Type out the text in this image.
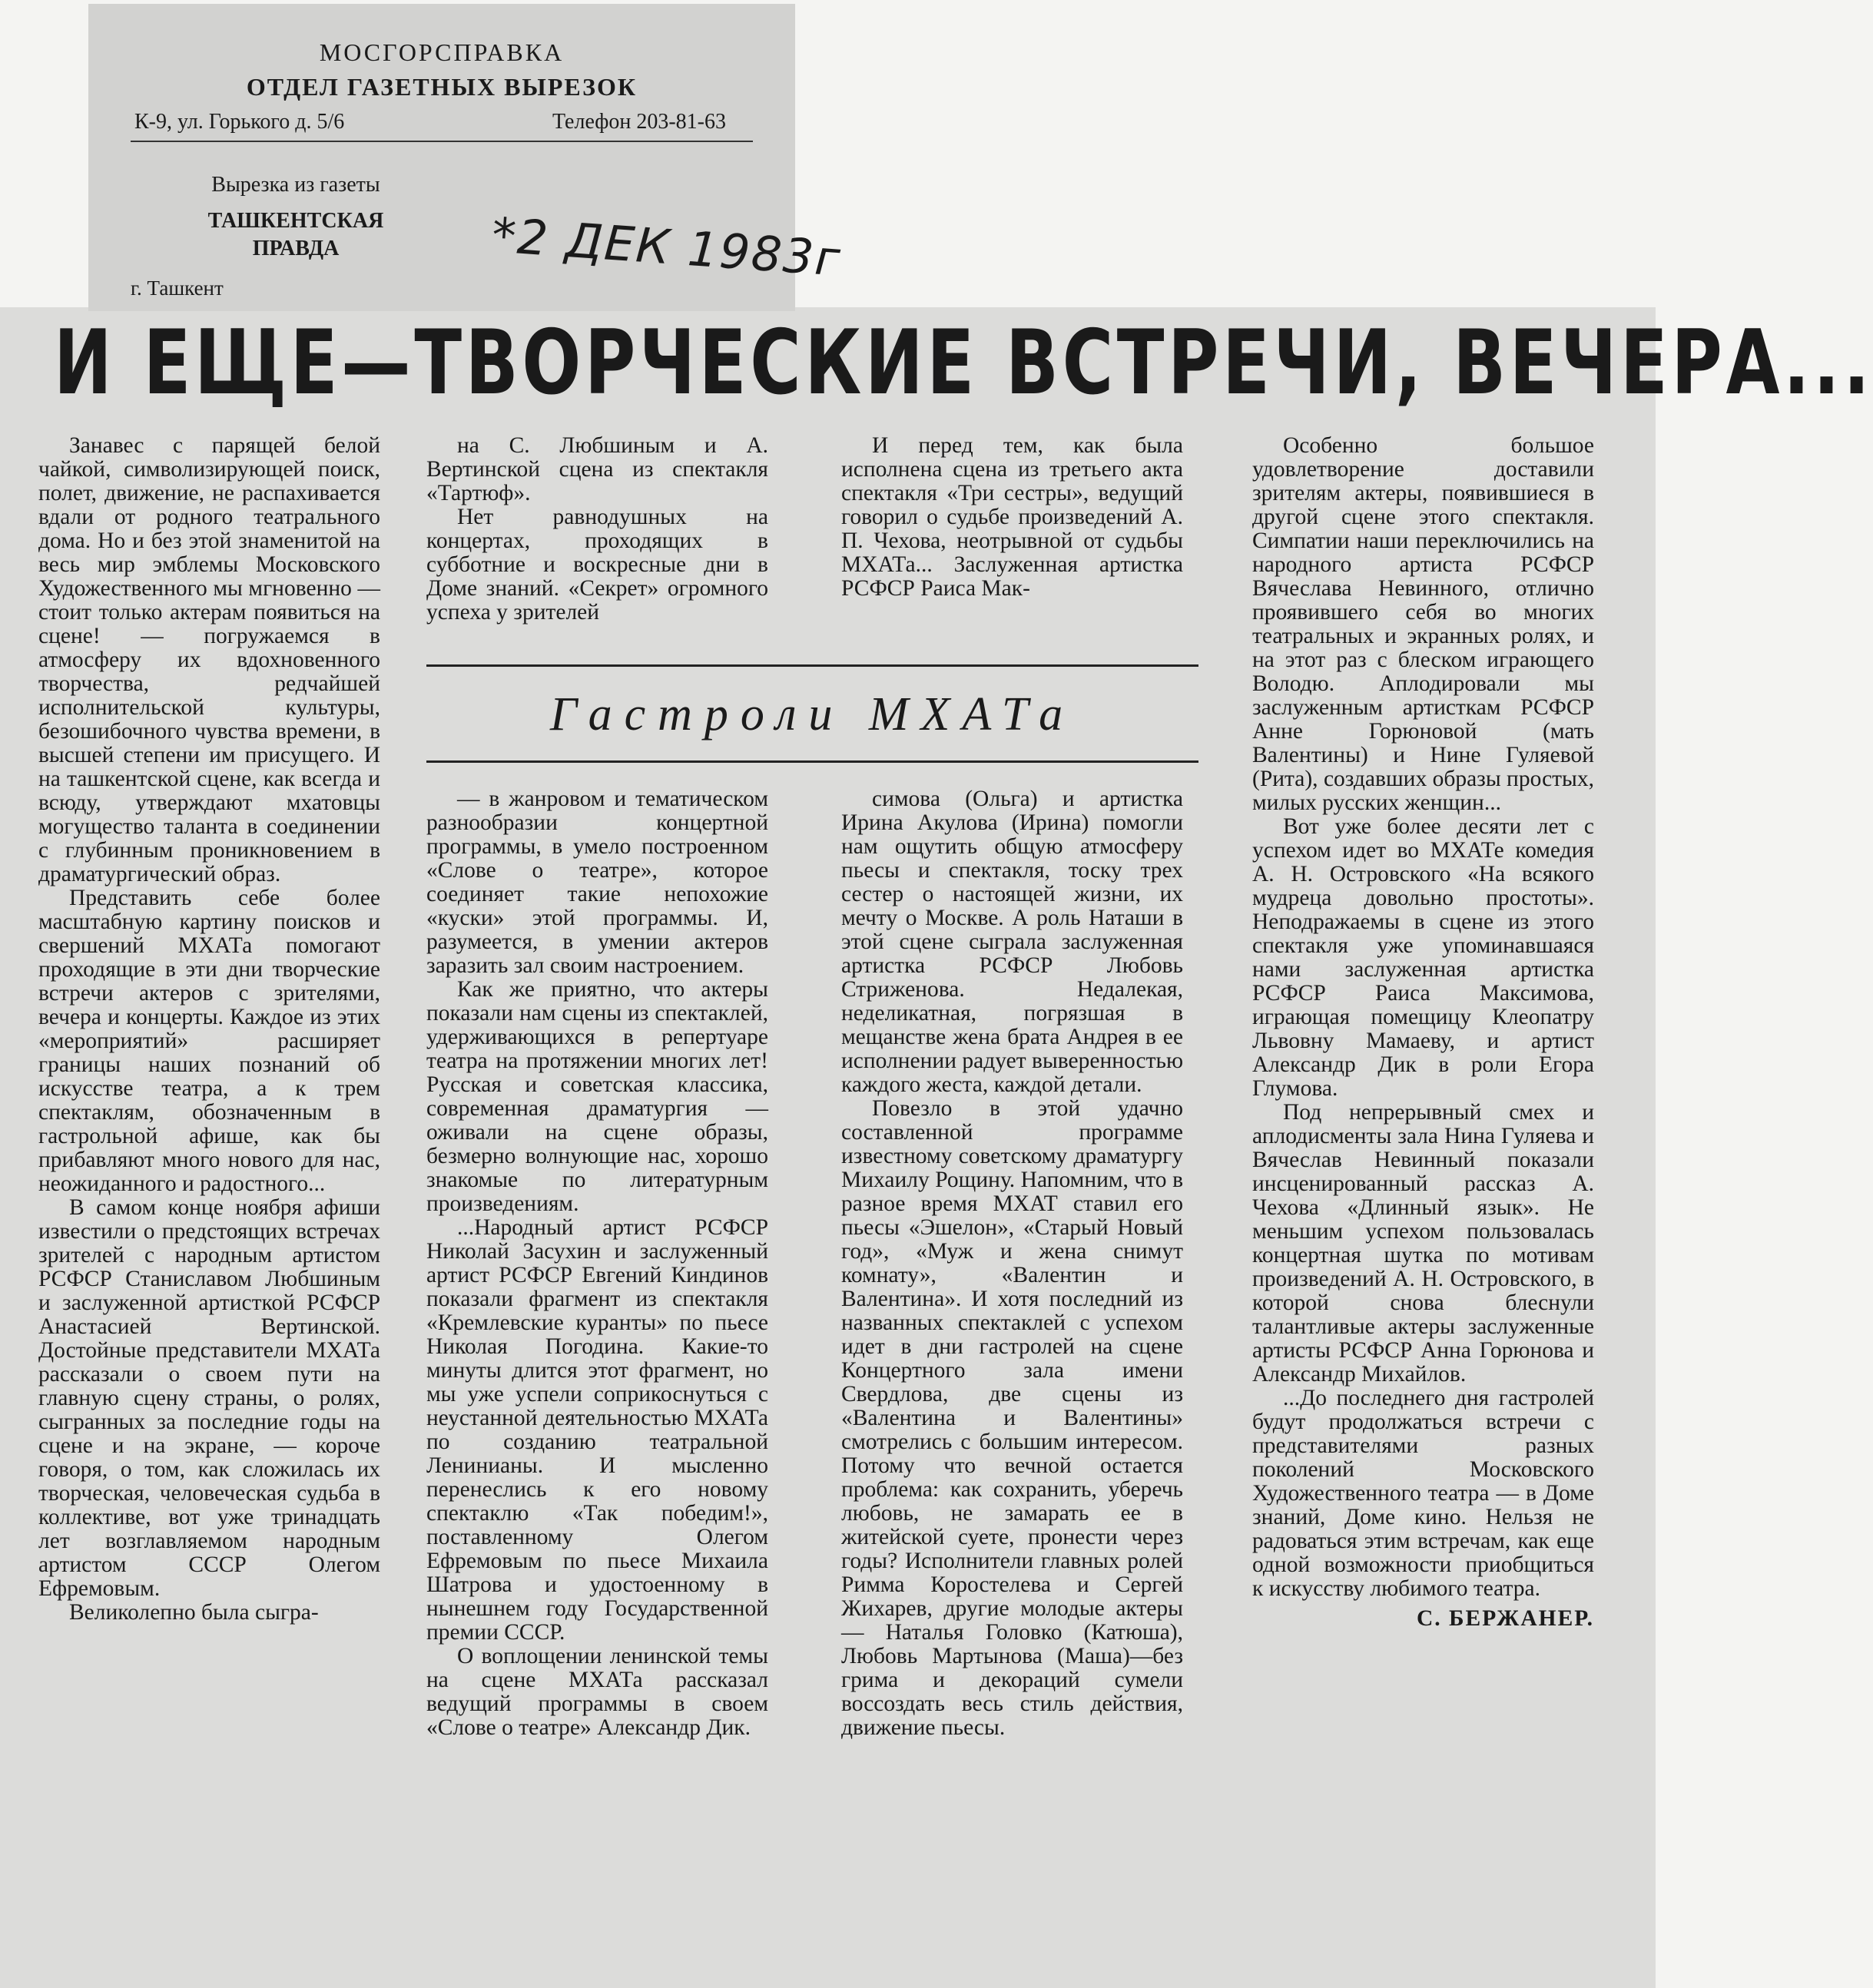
МОСГОРСПРАВКА
ОТДЕЛ ГАЗЕТНЫХ ВЫРЕЗОК
К-9, ул. Горького д. 5/6	Телефон 203-81-63
Вырезка из газеты
ТАШКЕНТСКАЯ ПРАВДА
г. Ташкент
*2 ДЕК 1983г
И ЕЩЕ—ТВОРЧЕСКИЕ ВСТРЕЧИ, ВЕЧЕРА...

Занавес с парящей белой чайкой, символизирующей поиск, полет, движение, не распахивается вдали от родного театрального дома. Но и без этой знаменитой на весь мир эмблемы Московского Художественного мы мгновенно — стоит только актерам появиться на сцене! — погружаемся в атмосферу их вдохновенного творчества, редчайшей исполнительской культуры, безошибочного чувства времени, в высшей степени им присущего. И на ташкентской сцене, как всегда и всюду, утверждают мхатовцы могущество таланта в соединении с глубинным проникновением в драматургический образ.

Представить себе более масштабную картину поисков и свершений МХАТа помогают проходящие в эти дни творческие встречи актеров с зрителями, вечера и концерты. Каждое из этих «мероприятий» расширяет границы наших познаний об искусстве театра, а к трем спектаклям, обозначенным в гастрольной афише, как бы прибавляют много нового для нас, неожиданного и радостного...

В самом конце ноября афиши известили о предстоящих встречах зрителей с народным артистом РСФСР Станиславом Любшиным и заслуженной артисткой РСФСР Анастасией Вертинской. Достойные представители МХАТа рассказали о своем пути на главную сцену страны, о ролях, сыгранных за последние годы на сцене и на экране, — короче говоря, о том, как сложилась их творческая, человеческая судьба в коллективе, вот уже тринадцать лет возглавляемом народным артистом СССР Олегом Ефремовым.

Великолепно была сыгра-

на С. Любшиным и А. Вертинской сцена из спектакля «Тартюф».

Нет равнодушных на концертах, проходящих в субботние и воскресные дни в Доме знаний. «Секрет» огромного успеха у зрителей

И перед тем, как была исполнена сцена из третьего акта спектакля «Три сестры», ведущий говорил о судьбе произведений А. П. Чехова, неотрывной от судьбы МХАТа... Заслуженная артистка РСФСР Раиса Мак-

Гастроли МХАТа

— в жанровом и тематическом разнообразии концертной программы, в умело построенном «Слове о театре», которое соединяет такие непохожие «куски» этой программы. И, разумеется, в умении актеров заразить зал своим настроением.

Как же приятно, что актеры показали нам сцены из спектаклей, удерживающихся в репертуаре театра на протяжении многих лет! Русская и советская классика, современная драматургия — оживали на сцене образы, безмерно волнующие нас, хорошо знакомые по литературным произведениям.

...Народный артист РСФСР Николай Засухин и заслуженный артист РСФСР Евгений Киндинов показали фрагмент из спектакля «Кремлевские куранты» по пьесе Николая Погодина. Какие-то минуты длится этот фрагмент, но мы уже успели соприкоснуться с неустанной деятельностью МХАТа по созданию театральной Ленинианы. И мысленно перенеслись к его новому спектаклю «Так победим!», поставленному Олегом Ефремовым по пьесе Михаила Шатрова и удостоенному в нынешнем году Государственной премии СССР.

О воплощении ленинской темы на сцене МХАТа рассказал ведущий программы в своем «Слове о театре» Александр Дик.

симова (Ольга) и артистка Ирина Акулова (Ирина) помогли нам ощутить общую атмосферу пьесы и спектакля, тоску трех сестер о настоящей жизни, их мечту о Москве. А роль Наташи в этой сцене сыграла заслуженная артистка РСФСР Любовь Стриженова. Недалекая, неделикатная, погрязшая в мещанстве жена брата Андрея в ее исполнении радует выверенностью каждого жеста, каждой детали.

Повезло в этой удачно составленной программе известному советскому драматургу Михаилу Рощину. Напомним, что в разное время МХАТ ставил его пьесы «Эшелон», «Старый Новый год», «Муж и жена снимут комнату», «Валентин и Валентина». И хотя последний из названных спектаклей с успехом идет в дни гастролей на сцене Концертного зала имени Свердлова, две сцены из «Валентина и Валентины» смотрелись с большим интересом. Потому что вечной остается проблема: как сохранить, уберечь любовь, не замарать ее в житейской суете, пронести через годы? Исполнители главных ролей Римма Коростелева и Сергей Жихарев, другие молодые актеры — Наталья Головко (Катюша), Любовь Мартынова (Маша)—без грима и декораций сумели воссоздать весь стиль действия, движение пьесы.

Особенно большое удовлетворение доставили зрителям актеры, появившиеся в другой сцене этого спектакля. Симпатии наши переключились на народного артиста РСФСР Вячеслава Невинного, отлично проявившего себя во многих театральных и экранных ролях, и на этот раз с блеском играющего Володю. Аплодировали мы заслуженным артисткам РСФСР Анне Горюновой (мать Валентины) и Нине Гуляевой (Рита), создавших образы простых, милых русских женщин...

Вот уже более десяти лет с успехом идет во МХАТе комедия А. Н. Островского «На всякого мудреца довольно простоты». Неподражаемы в сцене из этого спектакля уже упоминавшаяся нами заслуженная артистка РСФСР Раиса Максимова, играющая помещицу Клеопатру Львовну Мамаеву, и артист Александр Дик в роли Егора Глумова.

Под непрерывный смех и аплодисменты зала Нина Гуляева и Вячеслав Невинный показали инсценированный рассказ А. Чехова «Длинный язык». Не меньшим успехом пользовалась концертная шутка по мотивам произведений А. Н. Островского, в которой снова блеснули талантливые актеры заслуженные артисты РСФСР Анна Горюнова и Александр Михайлов.

...До последнего дня гастролей будут продолжаться встречи с представителями разных поколений Московского Художественного театра — в Доме знаний, Доме кино. Нельзя не радоваться этим встречам, как еще одной возможности приобщиться к искусству любимого театра.

С. БЕРЖАНЕР.
